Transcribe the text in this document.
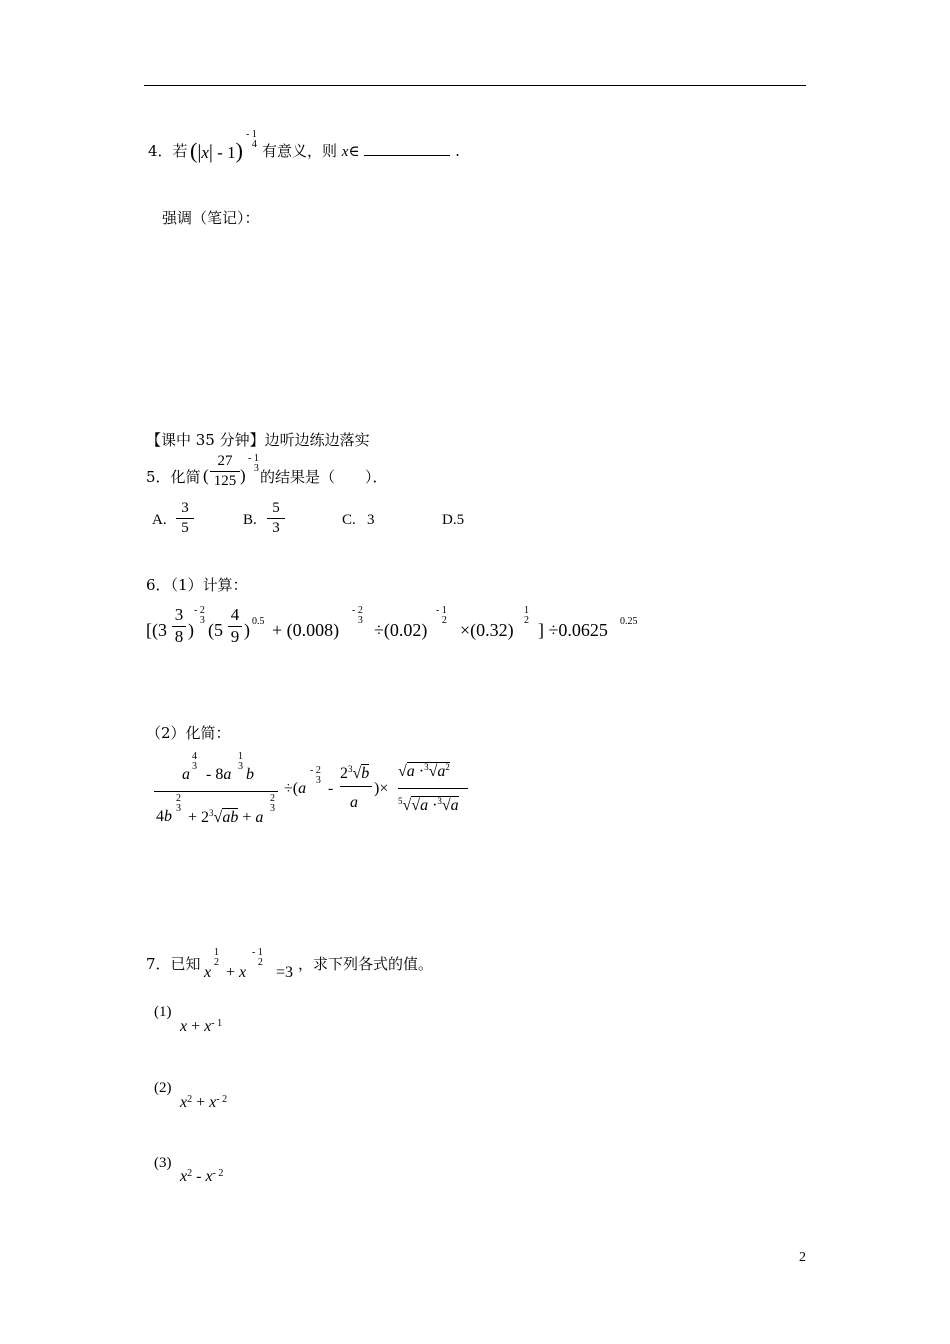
4．若 (|x| - 1)
- 1
4 有意义，则 x∈	.
强调（笔记）：
【课中 35 分钟】边听边练边落实
5．化简 (
27
125 )
- 1
3 的结果是（　　）．
A.
3
5	B.
5
3	C. 3	D.5
6．（1）计算：
[(3
3
8 )
- 2
3 (5
4
9 ) 0.5 + (0.008)
- 2
3 ÷(0.02)
- 1
2 ×(0.32)
1
2 ] ÷0.0625 0.25
（2）化简：
a
4
3 - 8a
1
3 b
4b
2
3
+ $2^3√ab + a$
2
3
÷(a
- 2
3 -
$2^3√b$
a
)×
$√a \cdot^3√a^2$
$^5$√√a ·$^3$√a
7．已知 x
1
2
+ x
- 1
2
=3 ，求下列各式的值。
(1)
$x + x^{- 1}$
(2)
$x^2 + x^{- 2}$
(3)
$x^2 - x^{- 2}$
2
